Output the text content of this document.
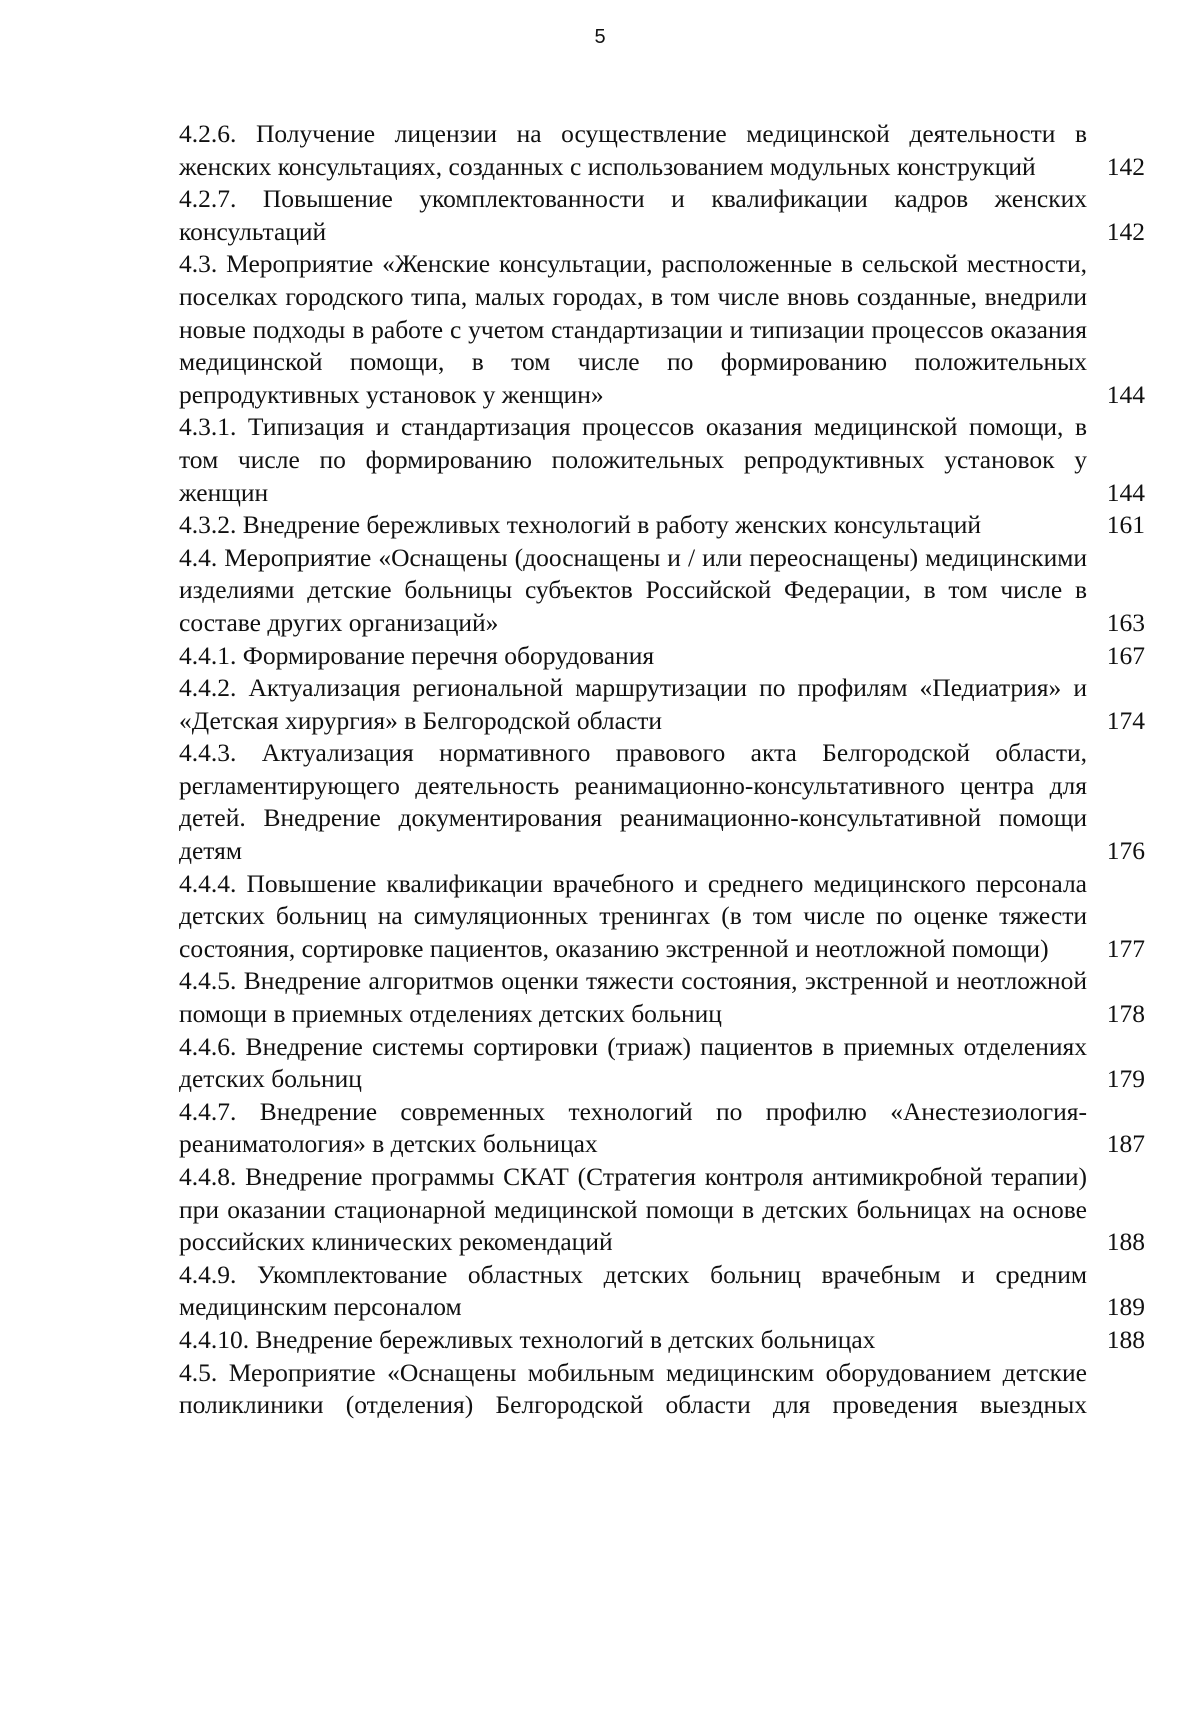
5
4.2.6. Получение лицензии на осуществление медицинской деятельности в женских консультациях, созданных с использованием модульных конструкций	142
4.2.7. Повышение укомплектованности и квалификации кадров женских консультаций	142
4.3. Мероприятие «Женские консультации, расположенные в сельской местности, поселках городского типа, малых городах, в том числе вновь созданные, внедрили новые подходы в работе с учетом стандартизации и типизации процессов оказания медицинской помощи, в том числе по формированию положительных репродуктивных установок у женщин»	144
4.3.1. Типизация и стандартизация процессов оказания медицинской помощи, в том числе по формированию положительных репродуктивных установок у женщин	144
4.3.2. Внедрение бережливых технологий в работу женских консультаций	161
4.4. Мероприятие «Оснащены (дооснащены и / или переоснащены) медицинскими изделиями детские больницы субъектов Российской Федерации, в том числе в составе других организаций»	163
4.4.1. Формирование перечня оборудования	167
4.4.2. Актуализация региональной маршрутизации по профилям «Педиатрия» и «Детская хирургия» в Белгородской области	174
4.4.3. Актуализация нормативного правового акта Белгородской области, регламентирующего деятельность реанимационно-консультативного центра для детей. Внедрение документирования реанимационно-консультативной помощи детям	176
4.4.4. Повышение квалификации врачебного и среднего медицинского персонала детских больниц на симуляционных тренингах (в том числе по оценке тяжести состояния, сортировке пациентов, оказанию экстренной и неотложной помощи)	177
4.4.5. Внедрение алгоритмов оценки тяжести состояния, экстренной и неотложной помощи в приемных отделениях детских больниц	178
4.4.6. Внедрение системы сортировки (триаж) пациентов в приемных отделениях детских больниц	179
4.4.7. Внедрение современных технологий по профилю «Анестезиология-реаниматология» в детских больницах	187
4.4.8. Внедрение программы СКАТ (Стратегия контроля антимикробной терапии) при оказании стационарной медицинской помощи в детских больницах на основе российских клинических рекомендаций	188
4.4.9. Укомплектование областных детских больниц врачебным и средним медицинским персоналом	189
4.4.10. Внедрение бережливых технологий в детских больницах	188
4.5. Мероприятие «Оснащены мобильным медицинским оборудованием детские поликлиники (отделения) Белгородской области для проведения выездных
